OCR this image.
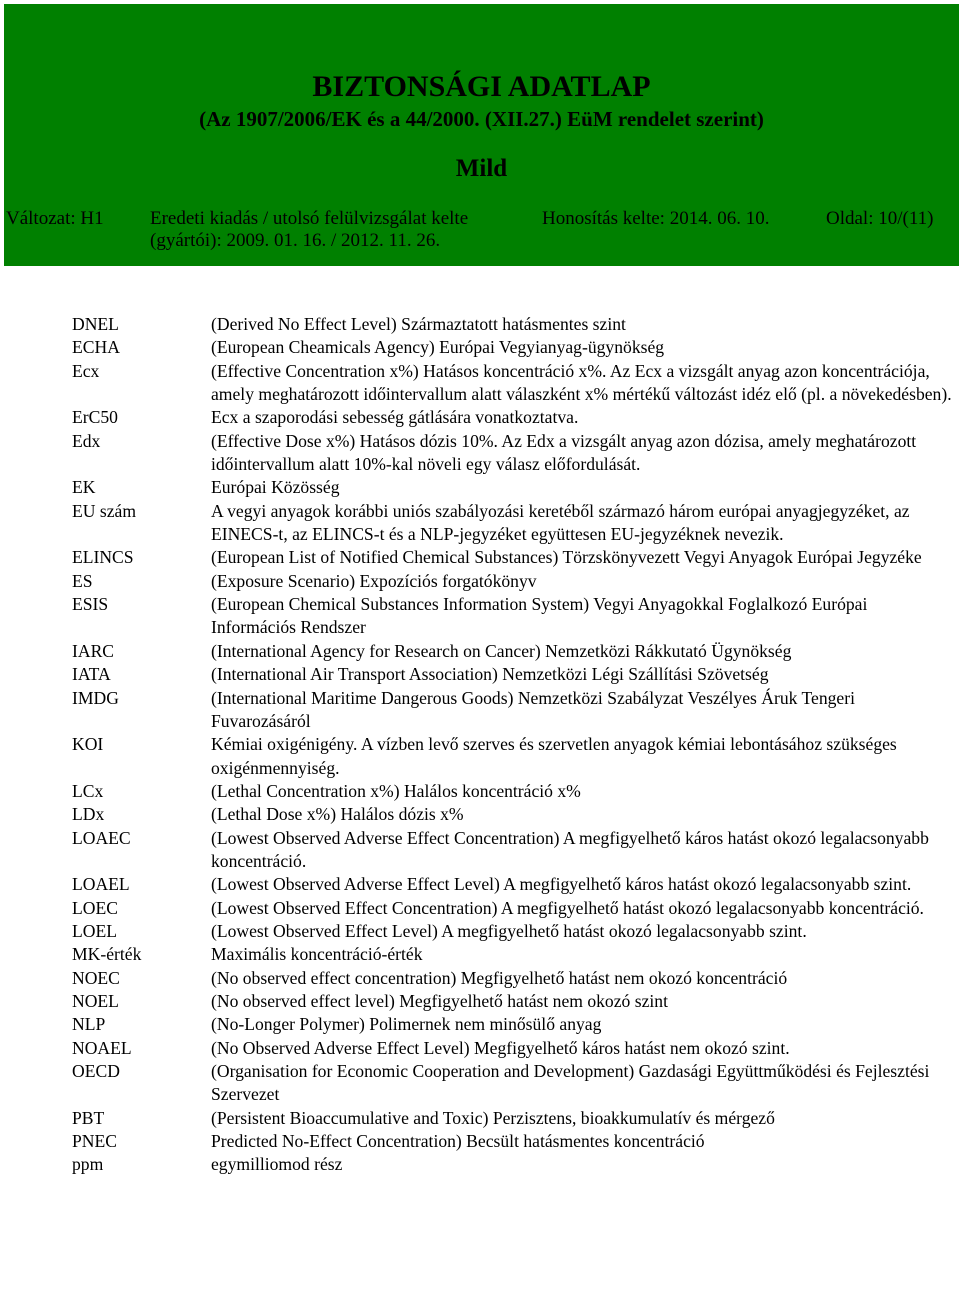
BIZTONSÁGI ADATLAP
(Az 1907/2006/EK és a 44/2000. (XII.27.) EüM rendelet szerint)
Mild
Változat: H1 Eredeti kiadás / utolsó felülvizsgálat kelte
(gyártói): 2009. 01. 16. / 2012. 11. 26.
Honosítás kelte: 2014. 06. 10.	Oldal: 10/(11)
DNEL	(Derived No Effect Level) Származtatott hatásmentes szint
ECHA	(European Cheamicals Agency) Európai Vegyianyag-ügynökség
Ecx	(Effective Concentration x%) Hatásos koncentráció x%. Az Ecx a vizsgált anyag azon koncentrációja, amely meghatározott időintervallum alatt válaszként x% mértékű változást idéz elő (pl. a növekedésben).
ErC50	Ecx a szaporodási sebesség gátlására vonatkoztatva.
Edx	(Effective Dose x%) Hatásos dózis 10%. Az Edx a vizsgált anyag azon dózisa, amely meghatározott időintervallum alatt 10%-kal növeli egy válasz előfordulását.
EK	Európai Közösség
EU szám	A vegyi anyagok korábbi uniós szabályozási keretéből származó három európai anyagjegyzéket, az EINECS-t, az ELINCS-t és a NLP-jegyzéket együttesen EU-jegyzéknek nevezik.
ELINCS	(European List of Notified Chemical Substances) Törzskönyvezett Vegyi Anyagok Európai Jegyzéke
ES	(Exposure Scenario) Expozíciós forgatókönyv
ESIS	(European Chemical Substances Information System) Vegyi Anyagokkal Foglalkozó Európai Információs Rendszer
IARC	(International Agency for Research on Cancer) Nemzetközi Rákkutató Ügynökség
IATA	(International Air Transport Association) Nemzetközi Légi Szállítási Szövetség
IMDG	(International Maritime Dangerous Goods) Nemzetközi Szabályzat Veszélyes Áruk Tengeri Fuvarozásáról
KOI	Kémiai oxigénigény. A vízben levő szerves és szervetlen anyagok kémiai lebontásához szükséges oxigénmennyiség.
LCx	(Lethal Concentration x%) Halálos koncentráció x%
LDx	(Lethal Dose x%) Halálos dózis x%
LOAEC	(Lowest Observed Adverse Effect Concentration) A megfigyelhető káros hatást okozó legalacsonyabb koncentráció.
LOAEL	(Lowest Observed Adverse Effect Level) A megfigyelhető káros hatást okozó legalacsonyabb szint.
LOEC	(Lowest Observed Effect Concentration) A megfigyelhető hatást okozó legalacsonyabb koncentráció.
LOEL	(Lowest Observed Effect Level) A megfigyelhető hatást okozó legalacsonyabb szint.
MK-érték	Maximális koncentráció-érték
NOEC	(No observed effect concentration) Megfigyelhető hatást nem okozó koncentráció
NOEL	(No observed effect level) Megfigyelhető hatást nem okozó szint
NLP	(No-Longer Polymer) Polimernek nem minősülő anyag
NOAEL	(No Observed Adverse Effect Level) Megfigyelhető káros hatást nem okozó szint.
OECD	(Organisation for Economic Cooperation and Development) Gazdasági Együttműködési és Fejlesztési Szervezet
PBT	(Persistent Bioaccumulative and Toxic) Perzisztens, bioakkumulatív és mérgező
PNEC	Predicted No-Effect Concentration) Becsült hatásmentes koncentráció
ppm	egymilliomod rész
